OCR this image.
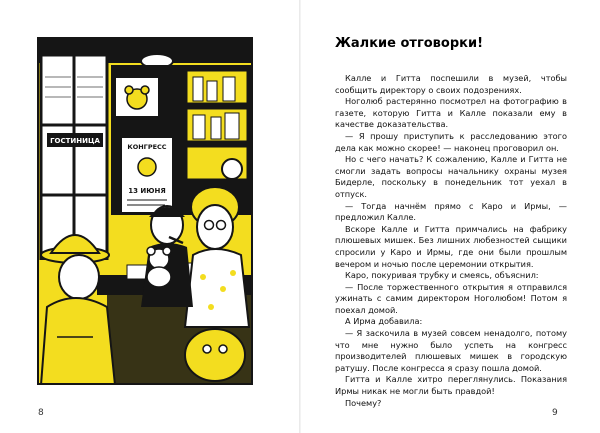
ГОСТИНИЦА
КОНГРЕСС
13 ИЮНЯ
8
Жалкие отговорки!

Калле и Гитта поспешили в музей, чтобы сообщить директору о своих подозрениях.

Ноголюб растерянно посмотрел на фотографию в газете, которую Гитта и Калле показали ему в качестве доказательства.

— Я прошу приступить к расследованию этого дела как можно скорее! — наконец проговорил он.

Но с чего начать? К сожалению, Калле и Гитта не смогли задать вопросы начальнику охраны музея Бидерле, поскольку в понедельник тот уехал в отпуск.

— Тогда начнём прямо с Каро и Ирмы, — предложил Калле.

Вскоре Калле и Гитта примчались на фабрику плюшевых мишек. Без лишних любезностей сыщики спросили у Каро и Ирмы, где они были прошлым вечером и ночью после церемонии открытия.

Каро, покуривая трубку и смеясь, объяснил:

— После торжественного открытия я отправился ужинать с самим директором Ноголюбом! Потом я поехал домой.

А Ирма добавила:

— Я заскочила в музей совсем ненадолго, потому что мне нужно было успеть на конгресс производителей плюшевых мишек в городскую ратушу. После конгресса я сразу пошла домой.

Гитта и Калле хитро переглянулись. Показания Ирмы никак не могли быть правдой!

Почему?

9
